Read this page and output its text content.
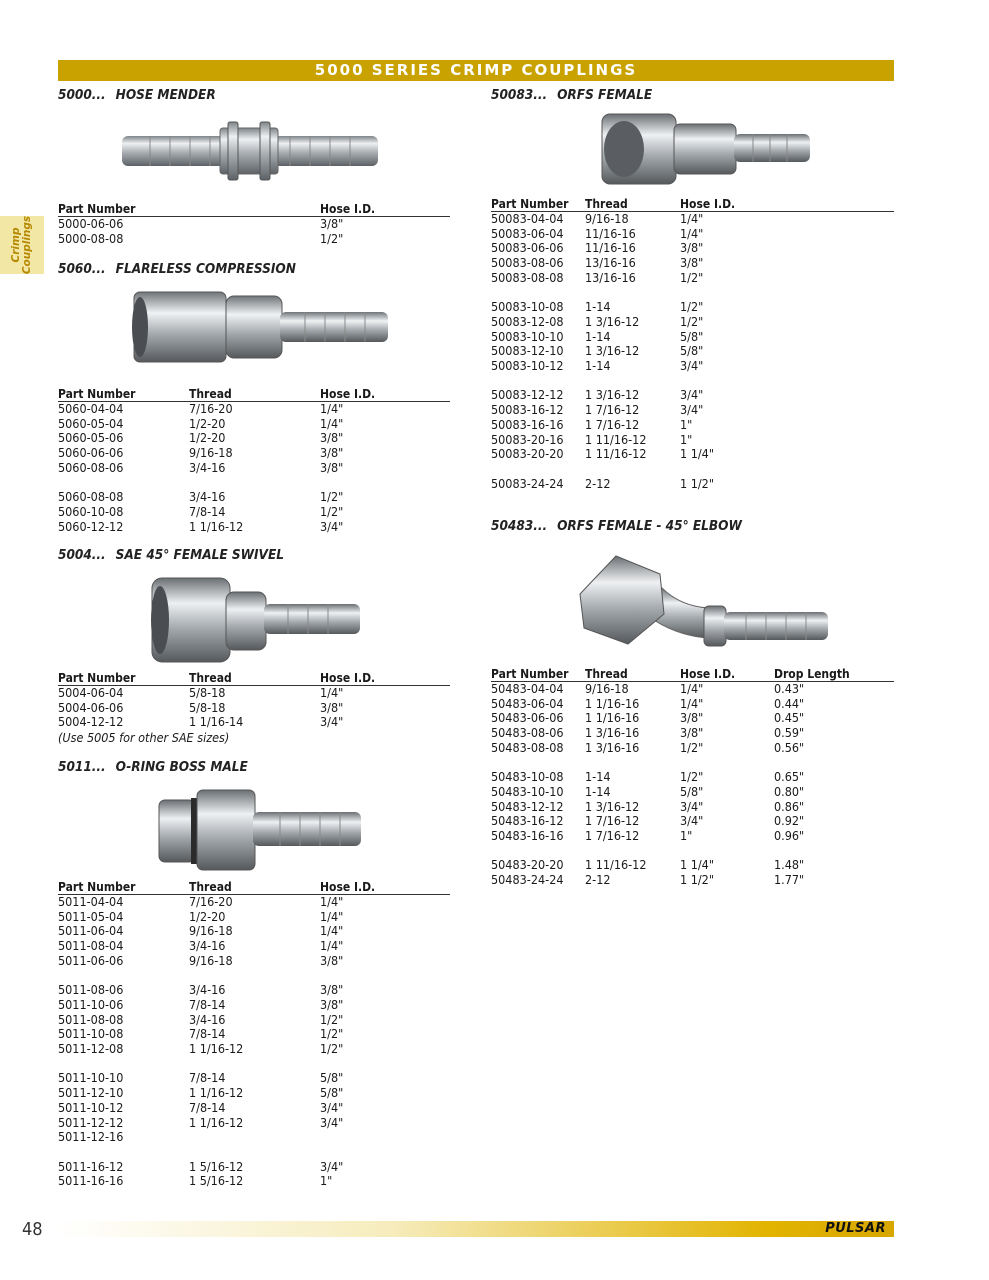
5000 SERIES CRIMP COUPLINGS
Crimp
Couplings
5000... HOSE MENDER
Part Number	Hose I.D.
5000-06-06	3/8"
5000-08-08	1/2"
5060... FLARELESS COMPRESSION
Part Number	Thread	Hose I.D.
5060-04-04	7/16-20	1/4"
5060-05-04	1/2-20	1/4"
5060-05-06	1/2-20	3/8"
5060-06-06	9/16-18	3/8"
5060-08-06	3/4-16	3/8"
5060-08-08	3/4-16	1/2"
5060-10-08	7/8-14	1/2"
5060-12-12	1 1/16-12	3/4"
5004... SAE 45° FEMALE SWIVEL
Part Number	Thread	Hose I.D.
5004-06-04	5/8-18	1/4"
5004-06-06	5/8-18	3/8"
5004-12-12	1 1/16-14	3/4"
(Use 5005 for other SAE sizes)
5011... O-RING BOSS MALE
Part Number	Thread	Hose I.D.
5011-04-04	7/16-20	1/4"
5011-05-04	1/2-20	1/4"
5011-06-04	9/16-18	1/4"
5011-08-04	3/4-16	1/4"
5011-06-06	9/16-18	3/8"
5011-08-06	3/4-16	3/8"
5011-10-06	7/8-14	3/8"
5011-08-08	3/4-16	1/2"
5011-10-08	7/8-14	1/2"
5011-12-08	1 1/16-12	1/2"
5011-10-10	7/8-14	5/8"
5011-12-10	1 1/16-12	5/8"
5011-10-12	7/8-14	3/4"
5011-12-12	1 1/16-12	3/4"
5011-12-16		
5011-16-12	1 5/16-12	3/4"
5011-16-16	1 5/16-12	1"
50083... ORFS FEMALE
Part Number	Thread	Hose I.D.
50083-04-04	9/16-18	1/4"
50083-06-04	11/16-16	1/4"
50083-06-06	11/16-16	3/8"
50083-08-06	13/16-16	3/8"
50083-08-08	13/16-16	1/2"
50083-10-08	1-14	1/2"
50083-12-08	1 3/16-12	1/2"
50083-10-10	1-14	5/8"
50083-12-10	1 3/16-12	5/8"
50083-10-12	1-14	3/4"
50083-12-12	1 3/16-12	3/4"
50083-16-12	1 7/16-12	3/4"
50083-16-16	1 7/16-12	1"
50083-20-16	1 11/16-12	1"
50083-20-20	1 11/16-12	1 1/4"
50083-24-24	2-12	1 1/2"
50483... ORFS FEMALE - 45° ELBOW
Part Number	Thread	Hose I.D.	Drop Length
50483-04-04	9/16-18	1/4"	0.43"
50483-06-04	1 1/16-16	1/4"	0.44"
50483-06-06	1 1/16-16	3/8"	0.45"
50483-08-06	1 3/16-16	3/8"	0.59"
50483-08-08	1 3/16-16	1/2"	0.56"
50483-10-08	1-14	1/2"	0.65"
50483-10-10	1-14	5/8"	0.80"
50483-12-12	1 3/16-12	3/4"	0.86"
50483-16-12	1 7/16-12	3/4"	0.92"
50483-16-16	1 7/16-12	1"	0.96"
50483-20-20	1 11/16-12	1 1/4"	1.48"
50483-24-24	2-12	1 1/2"	1.77"
48	PULSAR
